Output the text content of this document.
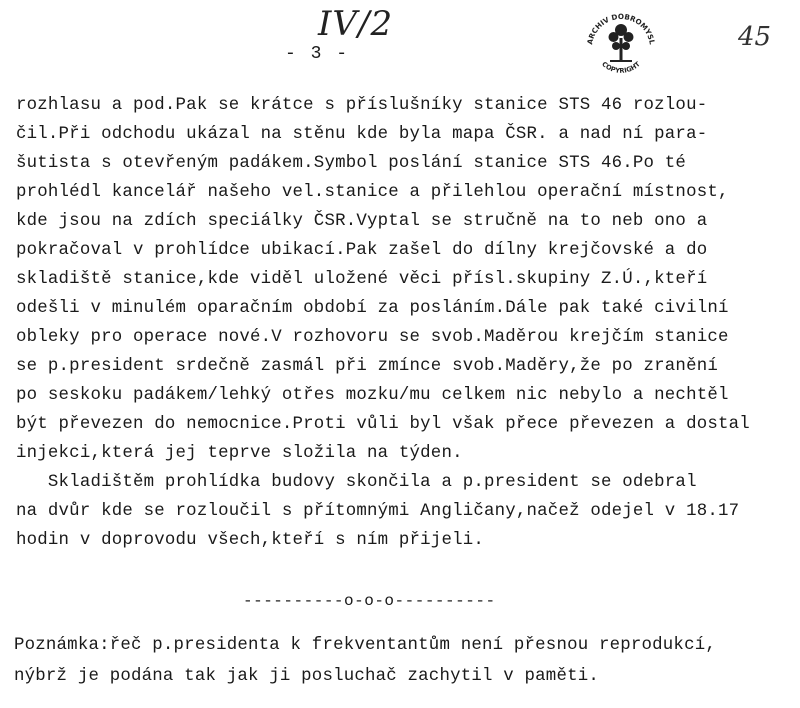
IV/2
- 3 -
45
ARCHIV DOBROMYSL
COPYRIGHT
rozhlasu a pod.Pak se krátce s příslušníky stanice STS 46 rozlou-
čil.Při odchodu ukázal na stěnu kde byla mapa ČSR. a nad ní para-
šutista s otevřeným padákem.Symbol poslání stanice STS 46.Po té
prohlédl kancelář našeho vel.stanice a přilehlou operační místnost,
kde jsou na zdích speciálky ČSR.Vyptal se stručně na to neb ono a
pokračoval v prohlídce ubikací.Pak zašel do dílny krejčovské a do
skladiště stanice,kde viděl uložené věci přísl.skupiny Z.Ú.,kteří
odešli v minulém oparačním období za posláním.Dále pak také civilní
obleky pro operace nové.V rozhovoru se svob.Maděrou krejčím stanice
se p.president srdečně zasmál při zmínce svob.Maděry,že po zranění
po seskoku padákem/lehký otřes mozku/mu celkem nic nebylo a nechtěl
být převezen do nemocnice.Proti vůli byl však přece převezen a dostal
injekci,která jej teprve složila na týden.
Skladištěm prohlídka budovy skončila a p.president se odebral
na dvůr kde se rozloučil s přítomnými Angličany,načež odejel v 18.17
hodin v doprovodu všech,kteří s ním přijeli.
----------o-o-o----------
Poznámka:řeč p.presidenta k frekventantům není přesnou reprodukcí,
nýbrž je podána tak jak ji posluchač zachytil v paměti.
